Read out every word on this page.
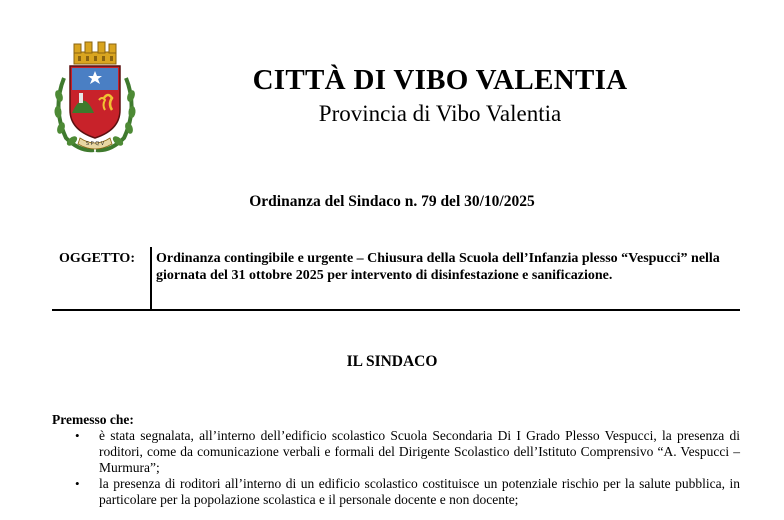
S P Q V
CITTÀ DI VIBO VALENTIA
Provincia di Vibo Valentia
Ordinanza del Sindaco n. 79 del 30/10/2025
OGGETTO: Ordinanza contingibile e urgente – Chiusura della Scuola dell’Infanzia plesso “Vespucci” nella giornata del 31 ottobre 2025 per intervento di disinfestazione e sanificazione.
IL SINDACO
Premesso che:
• è stata segnalata, all’interno dell’edificio scolastico Scuola Secondaria Di I Grado Plesso Vespucci, la presenza di roditori, come da comunicazione verbali e formali del Dirigente Scolastico dell’Istituto Comprensivo “A. Vespucci – Murmura”;
• la presenza di roditori all’interno di un edificio scolastico costituisce un potenziale rischio per la salute pubblica, in particolare per la popolazione scolastica e il personale docente e non docente;
